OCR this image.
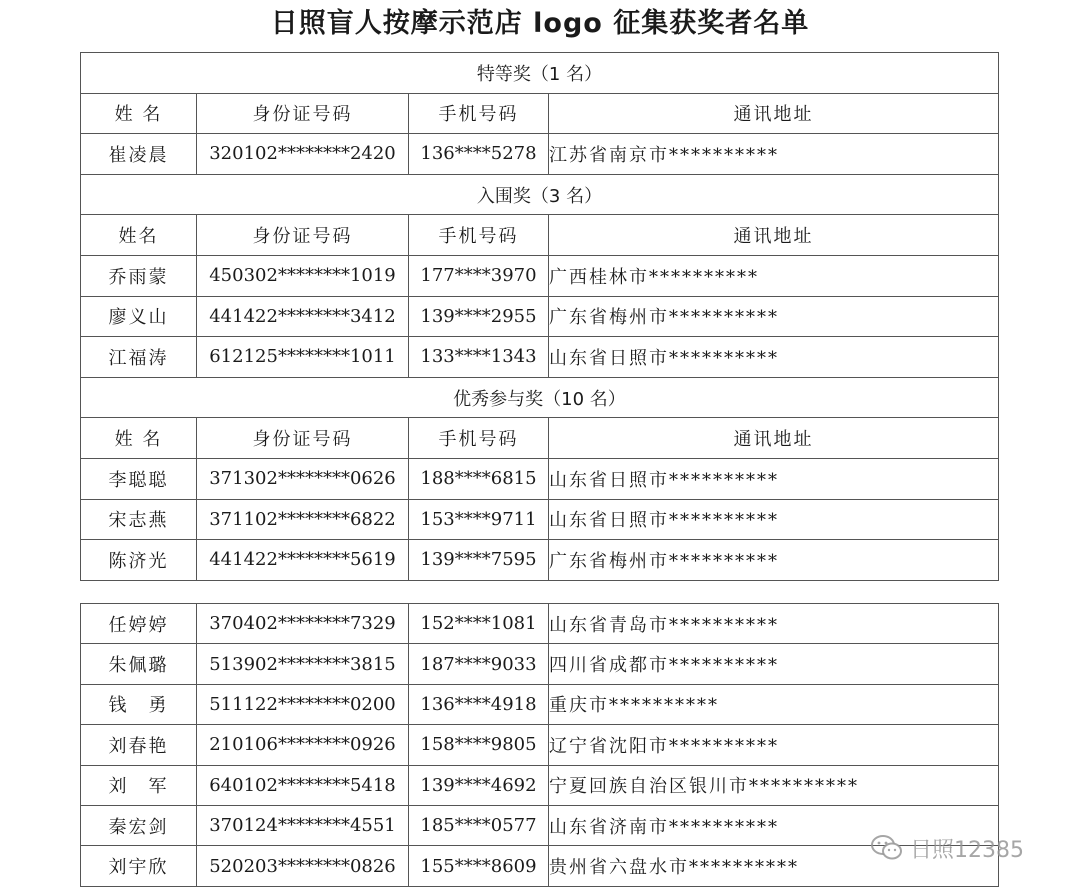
日照盲人按摩示范店 logo 征集获奖者名单
特等奖（1 名）			
姓 名	身份证号码	手机号码	通讯地址
崔凌晨	320102********2420	136****5278	江苏省南京市**********
入围奖（3 名）			
姓名	身份证号码	手机号码	通讯地址
乔雨蒙	450302********1019	177****3970	广西桂林市**********
廖义山	441422********3412	139****2955	广东省梅州市**********
江福涛	612125********1011	133****1343	山东省日照市**********
优秀参与奖（10 名）			
姓 名	身份证号码	手机号码	通讯地址
李聪聪	371302********0626	188****6815	山东省日照市**********
宋志燕	371102********6822	153****9711	山东省日照市**********
陈济光	441422********5619	139****7595	广东省梅州市**********
任婷婷	370402********7329	152****1081	山东省青岛市**********
朱佩璐	513902********3815	187****9033	四川省成都市**********
钱　勇	511122********0200	136****4918	重庆市**********
刘春艳	210106********0926	158****9805	辽宁省沈阳市**********
刘　军	640102********5418	139****4692	宁夏回族自治区银川市**********
秦宏剑	370124********4551	185****0577	山东省济南市**********
刘宇欣	520203********0826	155****8609	贵州省六盘水市**********
日照12385
